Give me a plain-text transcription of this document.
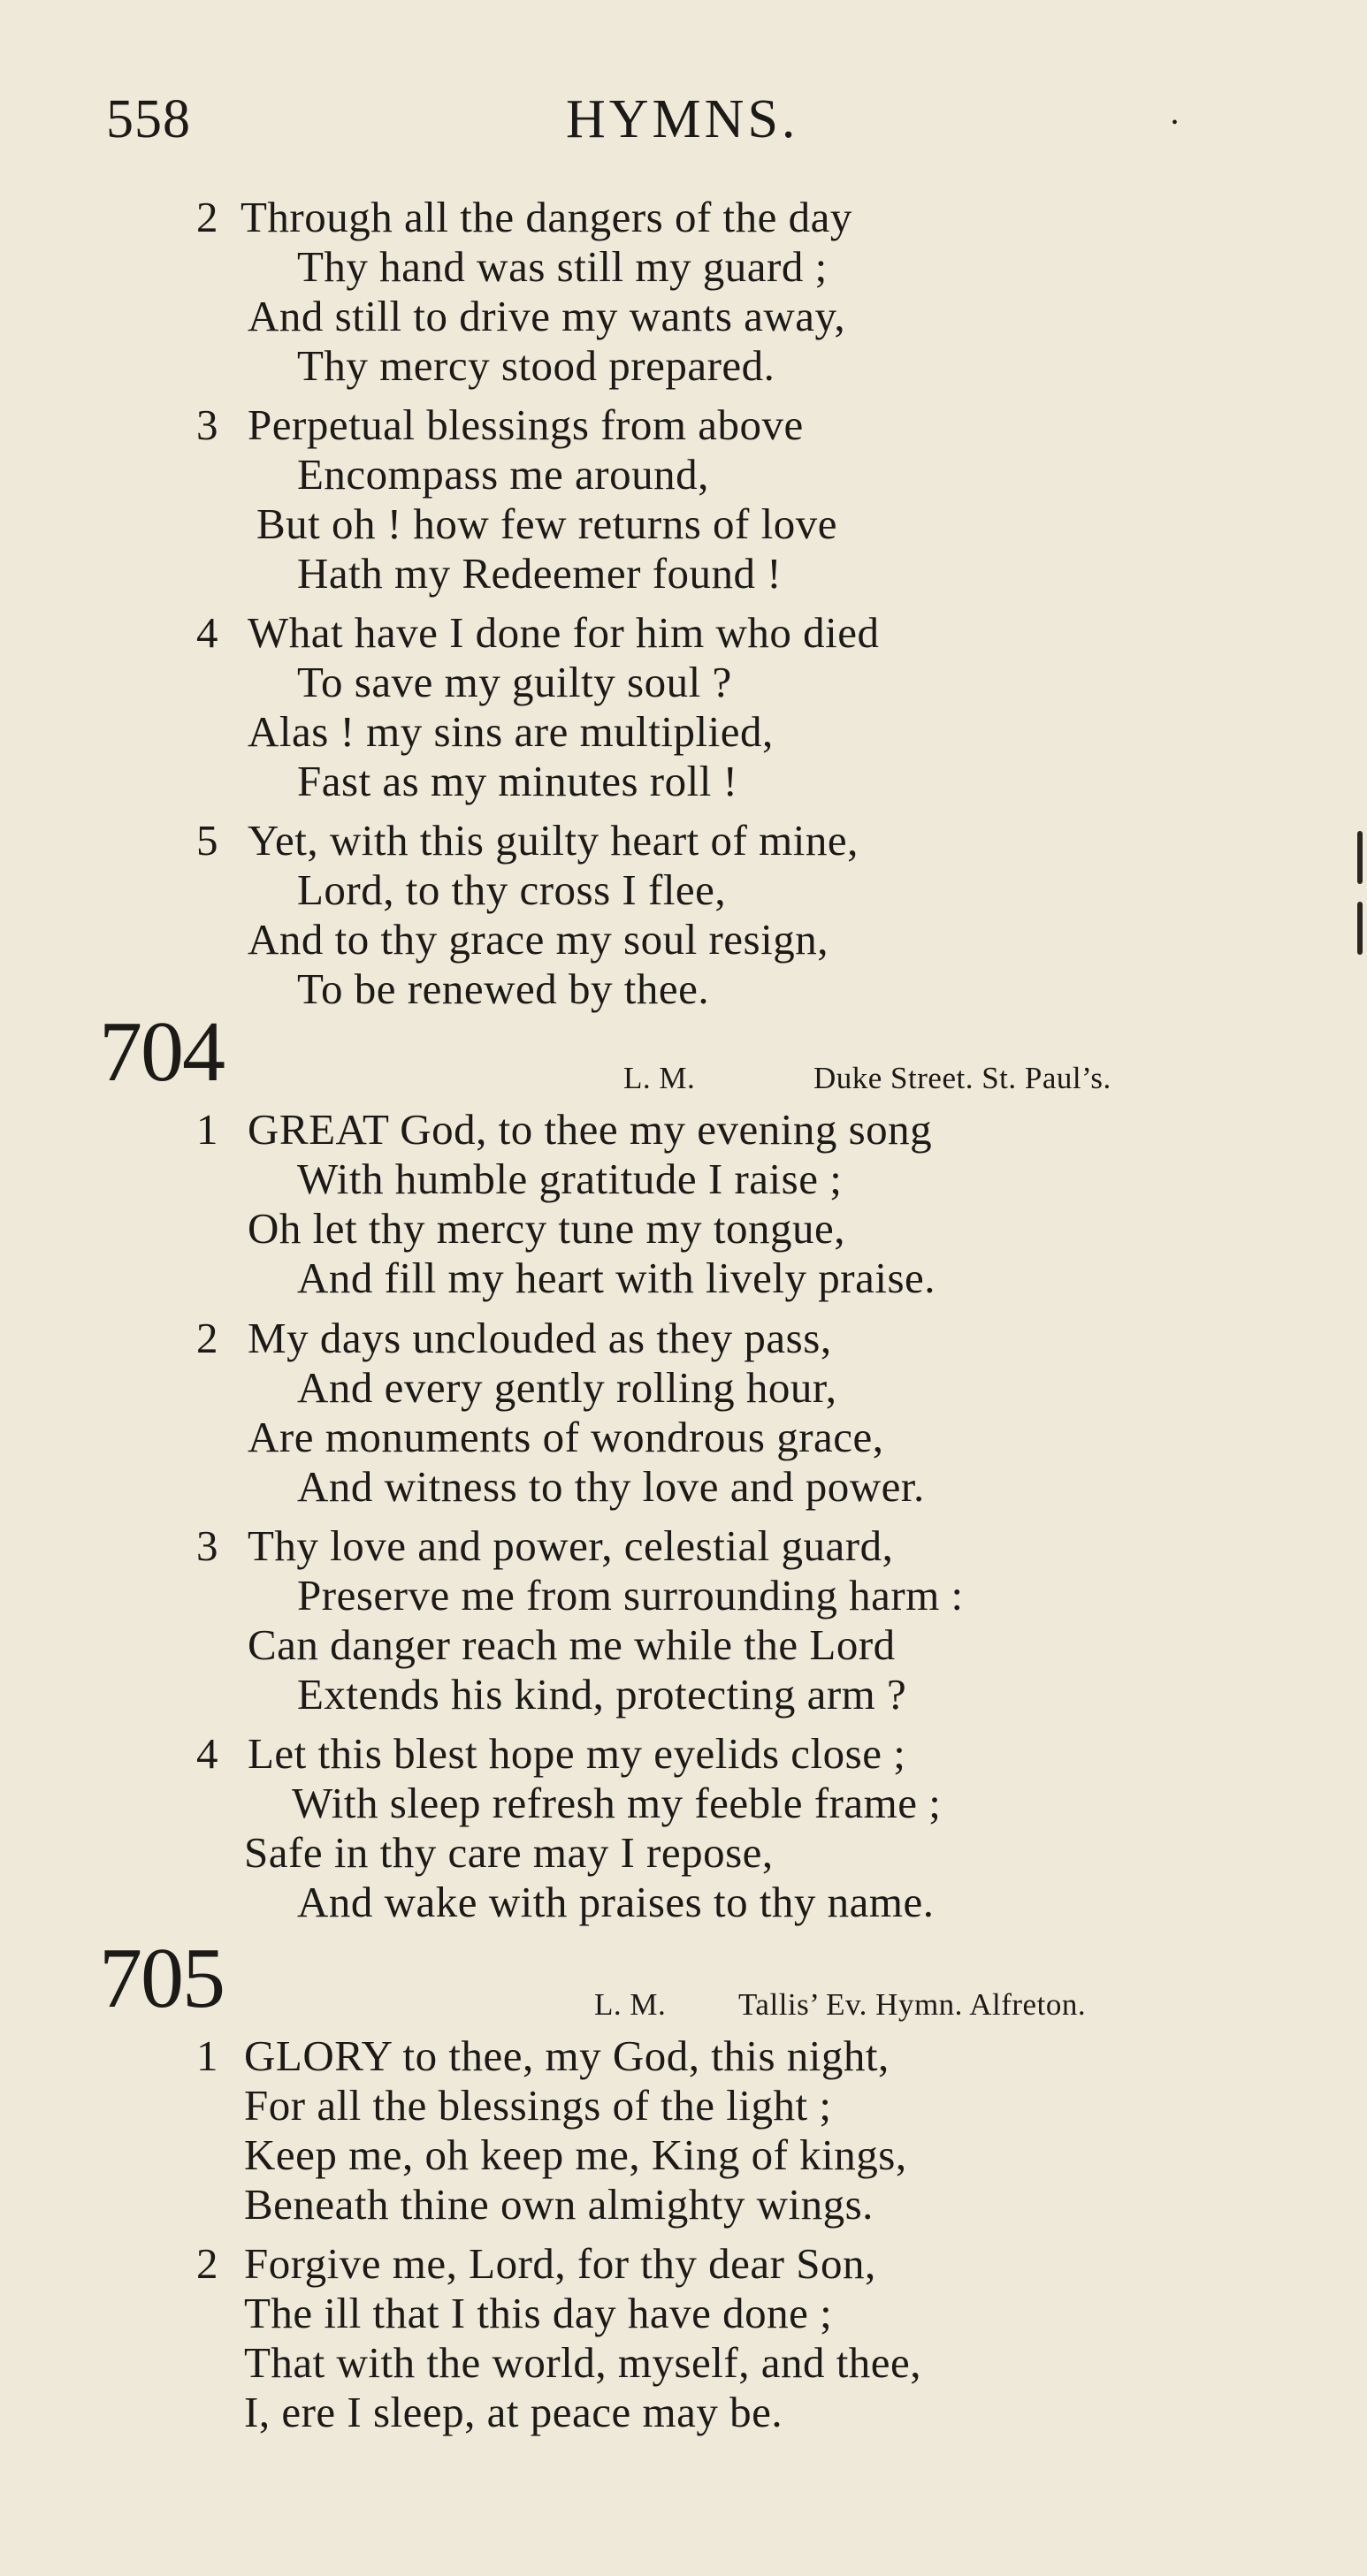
558	HYMNS.	•
2 Through all the dangers of the day
Thy hand was still my guard ;
And still to drive my wants away,
Thy mercy stood prepared.
3 Perpetual blessings from above
Encompass me around,
But oh ! how few returns of love
Hath my Redeemer found !
4 What have I done for him who died
To save my guilty soul ?
Alas ! my sins are multiplied,
Fast as my minutes roll !
5 Yet, with this guilty heart of mine,
Lord, to thy cross I flee,
And to thy grace my soul resign,
To be renewed by thee.
704	L. M.	Duke Street. St. Paul’s.
1 GREAT God, to thee my evening song
With humble gratitude I raise ;
Oh let thy mercy tune my tongue,
And fill my heart with lively praise.
2 My days unclouded as they pass,
And every gently rolling hour,
Are monuments of wondrous grace,
And witness to thy love and power.
3 Thy love and power, celestial guard,
Preserve me from surrounding harm :
Can danger reach me while the Lord
Extends his kind, protecting arm ?
4 Let this blest hope my eyelids close ;
With sleep refresh my feeble frame ;
Safe in thy care may I repose,
And wake with praises to thy name.
705	L. M. Tallis’ Ev. Hymn. Alfreton.
1 GLORY to thee, my God, this night,
For all the blessings of the light ;
Keep me, oh keep me, King of kings,
Beneath thine own almighty wings.
2 Forgive me, Lord, for thy dear Son,
The ill that I this day have done ;
That with the world, myself, and thee,
I, ere I sleep, at peace may be.
